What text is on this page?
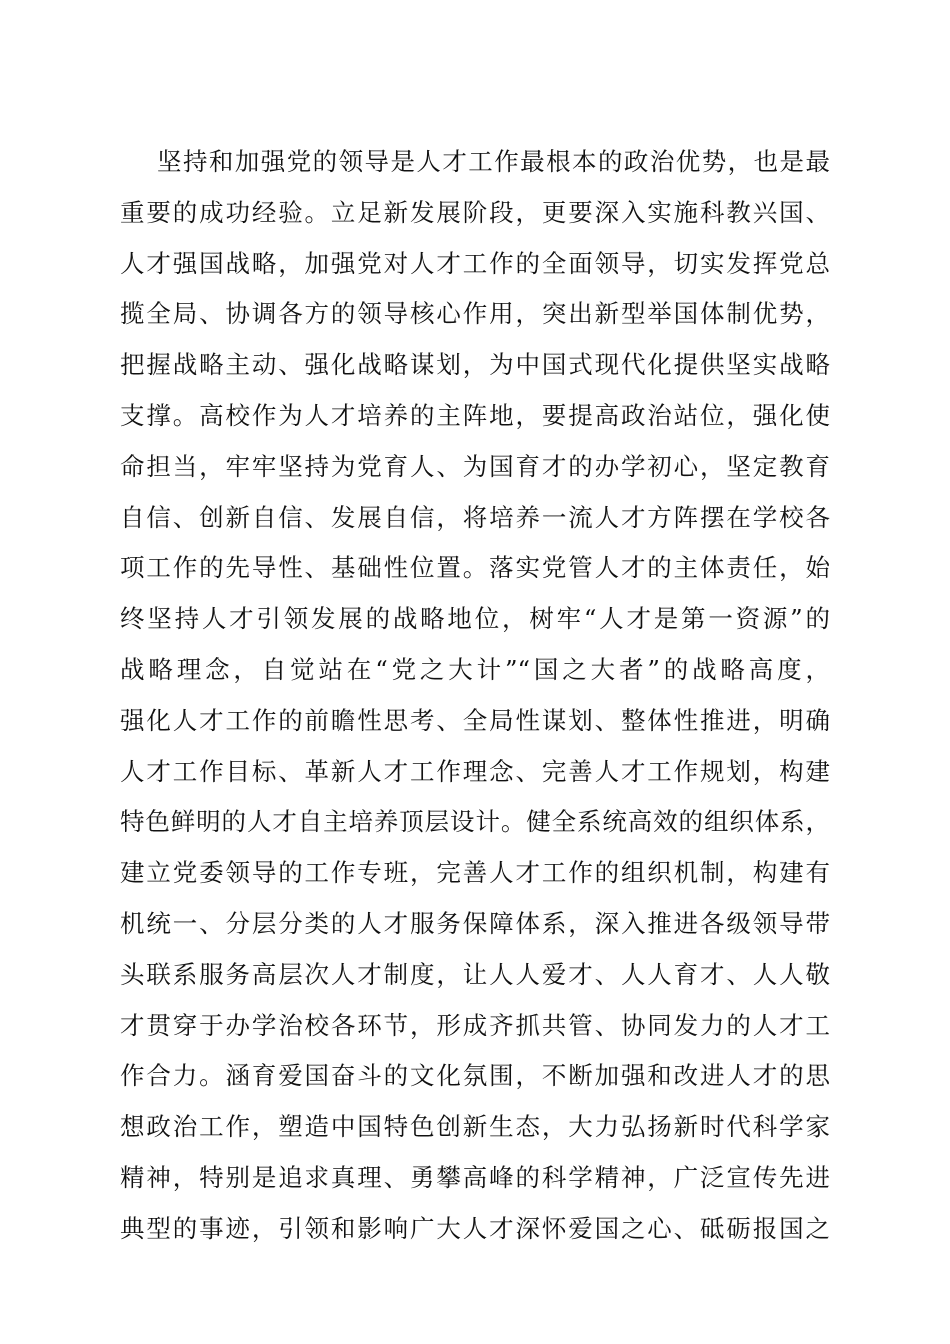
坚持和加强党的领导是人才工作最根本的政治优势，也是最
重要的成功经验。立足新发展阶段，更要深入实施科教兴国、
人才强国战略，加强党对人才工作的全面领导，切实发挥党总
揽全局、协调各方的领导核心作用，突出新型举国体制优势，
把握战略主动、强化战略谋划，为中国式现代化提供坚实战略
支撑。高校作为人才培养的主阵地，要提高政治站位，强化使
命担当，牢牢坚持为党育人、为国育才的办学初心，坚定教育
自信、创新自信、发展自信，将培养一流人才方阵摆在学校各
项工作的先导性、基础性位置。落实党管人才的主体责任，始
终坚持人才引领发展的战略地位，树牢“人才是第一资源”的
战略理念，自觉站在“党之大计”“国之大者”的战略高度，
强化人才工作的前瞻性思考、全局性谋划、整体性推进，明确
人才工作目标、革新人才工作理念、完善人才工作规划，构建
特色鲜明的人才自主培养顶层设计。健全系统高效的组织体系，
建立党委领导的工作专班，完善人才工作的组织机制，构建有
机统一、分层分类的人才服务保障体系，深入推进各级领导带
头联系服务高层次人才制度，让人人爱才、人人育才、人人敬
才贯穿于办学治校各环节，形成齐抓共管、协同发力的人才工
作合力。涵育爱国奋斗的文化氛围，不断加强和改进人才的思
想政治工作，塑造中国特色创新生态，大力弘扬新时代科学家
精神，特别是追求真理、勇攀高峰的科学精神，广泛宣传先进
典型的事迹，引领和影响广大人才深怀爱国之心、砥砺报国之
